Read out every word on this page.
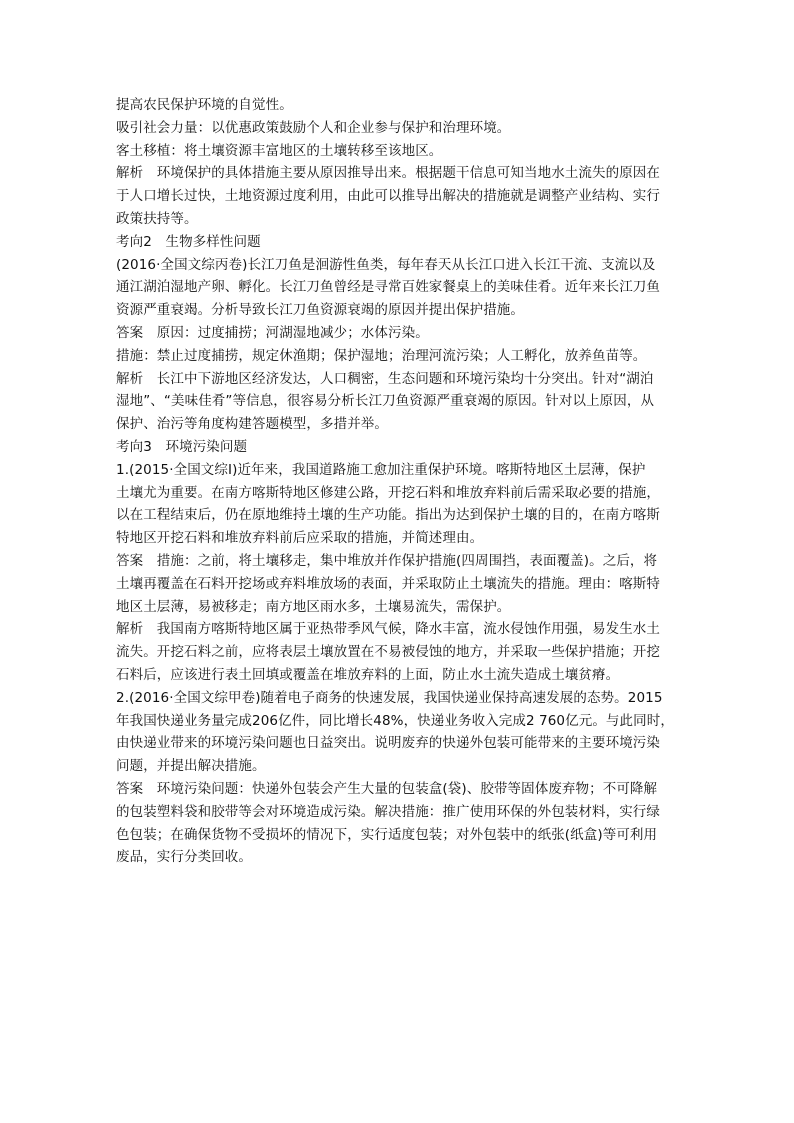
提高农民保护环境的自觉性。
吸引社会力量：以优惠政策鼓励个人和企业参与保护和治理环境。
客土移植：将土壤资源丰富地区的土壤转移至该地区。
解析　环境保护的具体措施主要从原因推导出来。根据题干信息可知当地水土流失的原因在
于人口增长过快，土地资源过度利用，由此可以推导出解决的措施就是调整产业结构、实行
政策扶持等。
考向2　生物多样性问题
(2016·全国文综丙卷)长江刀鱼是洄游性鱼类，每年春天从长江口进入长江干流、支流以及
通江湖泊湿地产卵、孵化。长江刀鱼曾经是寻常百姓家餐桌上的美味佳肴。近年来长江刀鱼
资源严重衰竭。分析导致长江刀鱼资源衰竭的原因并提出保护措施。
答案　原因：过度捕捞；河湖湿地减少；水体污染。
措施：禁止过度捕捞，规定休渔期；保护湿地；治理河流污染；人工孵化，放养鱼苗等。
解析　长江中下游地区经济发达，人口稠密，生态问题和环境污染均十分突出。针对“湖泊
湿地”、“美味佳肴”等信息，很容易分析长江刀鱼资源严重衰竭的原因。针对以上原因，从
保护、治污等角度构建答题模型，多措并举。
考向3　环境污染问题
1.(2015·全国文综Ⅰ)近年来，我国道路施工愈加注重保护环境。喀斯特地区土层薄，保护
土壤尤为重要。在南方喀斯特地区修建公路，开挖石料和堆放弃料前后需采取必要的措施，
以在工程结束后，仍在原地维持土壤的生产功能。指出为达到保护土壤的目的，在南方喀斯
特地区开挖石料和堆放弃料前后应采取的措施，并简述理由。
答案　措施：之前，将土壤移走，集中堆放并作保护措施(四周围挡，表面覆盖)。之后，将
土壤再覆盖在石料开挖场或弃料堆放场的表面，并采取防止土壤流失的措施。理由：喀斯特
地区土层薄，易被移走；南方地区雨水多，土壤易流失，需保护。
解析　我国南方喀斯特地区属于亚热带季风气候，降水丰富，流水侵蚀作用强，易发生水土
流失。开挖石料之前，应将表层土壤放置在不易被侵蚀的地方，并采取一些保护措施；开挖
石料后，应该进行表土回填或覆盖在堆放弃料的上面，防止水土流失造成土壤贫瘠。
2.(2016·全国文综甲卷)随着电子商务的快速发展，我国快递业保持高速发展的态势。2015
年我国快递业务量完成206亿件，同比增长48%，快递业务收入完成2 760亿元。与此同时，
由快递业带来的环境污染问题也日益突出。说明废弃的快递外包装可能带来的主要环境污染
问题，并提出解决措施。
答案　环境污染问题：快递外包装会产生大量的包装盒(袋)、胶带等固体废弃物；不可降解
的包装塑料袋和胶带等会对环境造成污染。解决措施：推广使用环保的外包装材料，实行绿
色包装；在确保货物不受损坏的情况下，实行适度包装；对外包装中的纸张(纸盒)等可利用
废品，实行分类回收。
